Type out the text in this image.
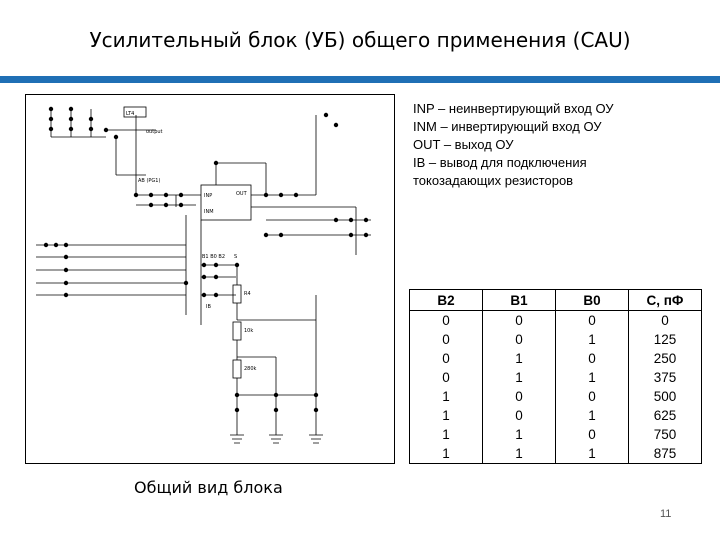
Усилительный блок (УБ) общего применения (CAU)
LT4
output
AB (PG1)
INP
INM
OUT
B1 B0 B2 S
R4
10k
280k
IB
INP – неинвертирующий вход ОУ
INM – инвертирующий вход ОУ
OUT – выход ОУ
IB – вывод для подключения
токозадающих резисторов
B2	B1	B0	C, пФ
0	0	0	0
0	0	1	125
0	1	0	250
0	1	1	375
1	0	0	500
1	0	1	625
1	1	0	750
1	1	1	875
Общий вид блока
11
